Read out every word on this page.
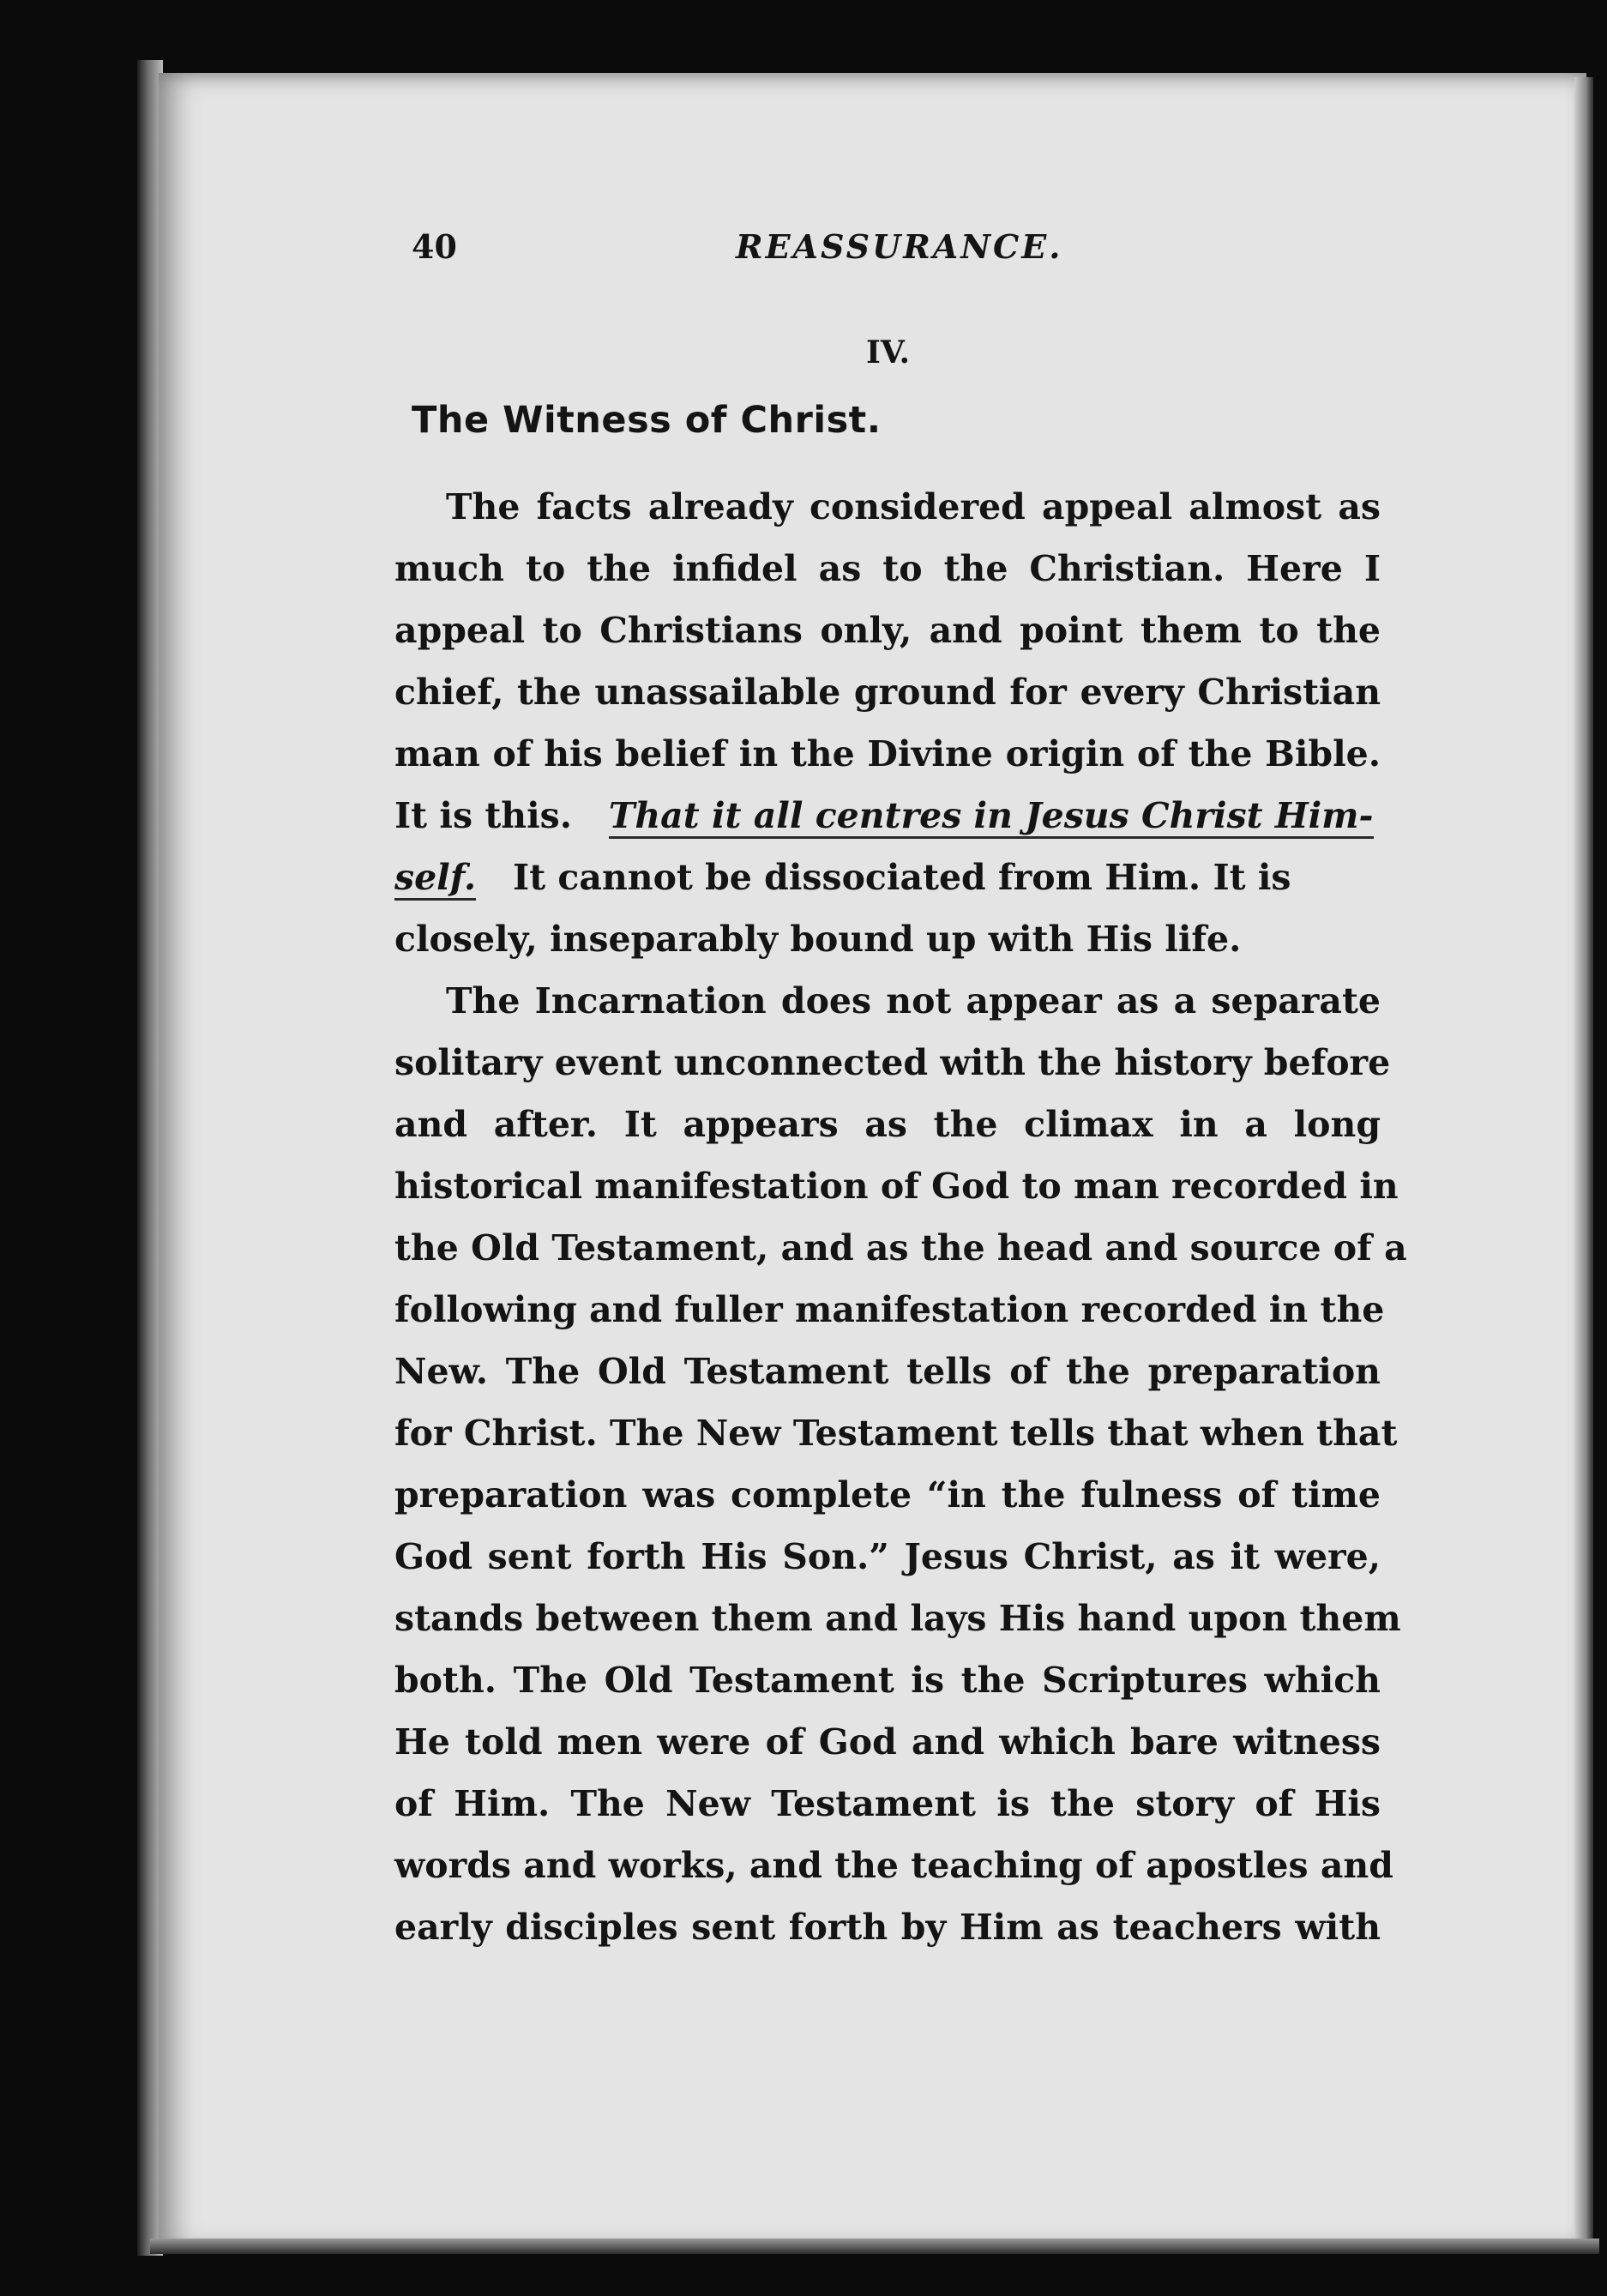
40	REASSURANCE.
IV.
The Witness of Christ.
The facts already considered appeal almost as
much to the infidel as to the Christian. Here I
appeal to Christians only, and point them to the
chief, the unassailable ground for every Christian
man of his belief in the Divine origin of the Bible.
It is this. That it all centres in Jesus Christ Him-
self. It cannot be dissociated from Him. It is
closely, inseparably bound up with His life.
The Incarnation does not appear as a separate
solitary event unconnected with the history before
and after. It appears as the climax in a long
historical manifestation of God to man recorded in
the Old Testament, and as the head and source of a
following and fuller manifestation recorded in the
New. The Old Testament tells of the preparation
for Christ. The New Testament tells that when that
preparation was complete “in the fulness of time
God sent forth His Son.” Jesus Christ, as it were,
stands between them and lays His hand upon them
both. The Old Testament is the Scriptures which
He told men were of God and which bare witness
of Him. The New Testament is the story of His
words and works, and the teaching of apostles and
early disciples sent forth by Him as teachers with
